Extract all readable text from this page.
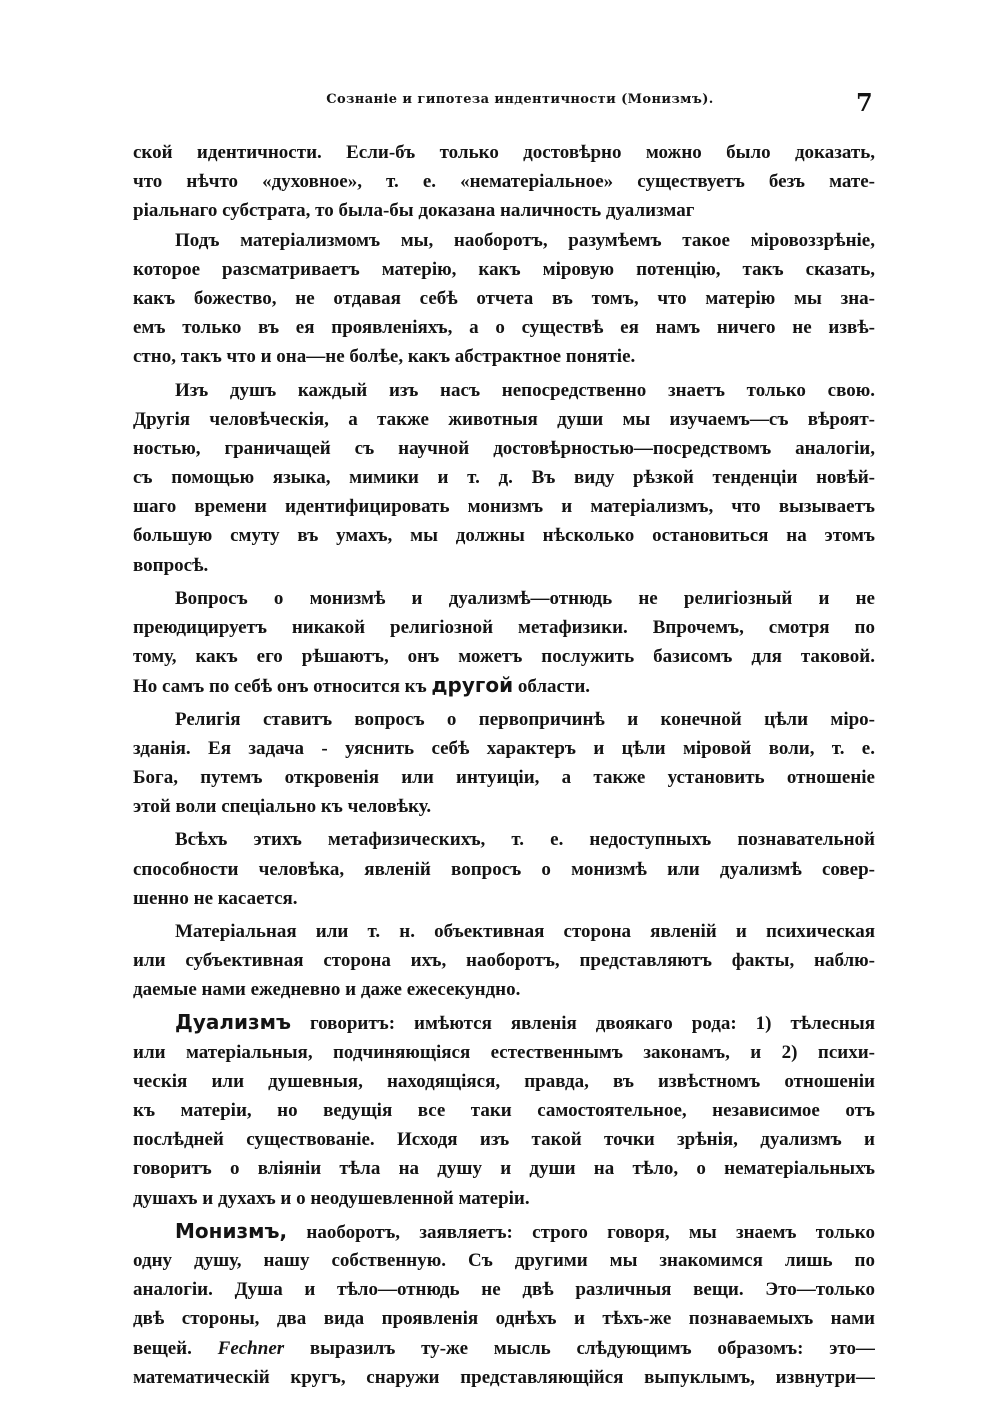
Сознаніе и гипотеза индентичности (Монизмъ).	7
ской идентичности. Если-бъ только достовѣрно можно было доказать,
что нѣчто «духовное», т. е. «нематеріальное» существуетъ безъ мате-
ріальнаго субстрата, то была-бы доказана наличность дуализмаг
Подъ матеріализмомъ мы, наоборотъ, разумѣемъ такое міровоззрѣніе,
которое разсматриваетъ матерію, какъ міровую потенцію, такъ сказать,
какъ божество, не отдавая себѣ отчета въ томъ, что матерію мы зна-
емъ только въ ея проявленіяхъ, а о существѣ ея намъ ничего не извѣ-
стно, такъ что и она—не болѣе, какъ абстрактное понятіе.
Изъ душъ каждый изъ насъ непосредственно знаетъ только свою.
Другія человѣческія, а также животныя души мы изучаемъ—съ вѣроят-
ностью, граничащей съ научной достовѣрностью—посредствомъ аналогіи,
съ помощью языка, мимики и т. д. Въ виду рѣзкой тенденціи новѣй-
шаго времени идентифицировать монизмъ и матеріализмъ, что вызываетъ
большую смуту въ умахъ, мы должны нѣсколько остановиться на этомъ
вопросѣ.
Вопросъ о монизмѣ и дуализмѣ—отнюдь не религіозный и не
преюдицируетъ никакой религіозной метафизики. Впрочемъ, смотря по
тому, какъ его рѣшаютъ, онъ можетъ послужить базисомъ для таковой.
Но самъ по себѣ онъ относится къ другой области.
Религія ставитъ вопросъ о первопричинѣ и конечной цѣли міро-
зданія. Ея задача - уяснить себѣ характеръ и цѣли міровой воли, т. е.
Бога, путемъ откровенія или интуиціи, а также установить отношеніе
этой воли спеціально къ человѣку.
Всѣхъ этихъ метафизическихъ, т. е. недоступныхъ познавательной
способности человѣка, явленій вопросъ о монизмѣ или дуализмѣ совер-
шенно не касается.
Матеріальная или т. н. объективная сторона явленій и психическая
или субъективная сторона ихъ, наоборотъ, представляютъ факты, наблю-
даемые нами ежедневно и даже ежесекундно.
Дуализмъ говоритъ: имѣются явленія двоякаго рода: 1) тѣлесныя
или матеріальныя, подчиняющіяся естественнымъ законамъ, и 2) психи-
ческія или душевныя, находящіяся, правда, въ извѣстномъ отношеніи
къ матеріи, но ведущія все таки самостоятельное, независимое отъ
послѣдней существованіе. Исходя изъ такой точки зрѣнія, дуализмъ и
говоритъ о вліяніи тѣла на душу и души на тѣло, о нематеріальныхъ
душахъ и духахъ и о неодушевленной матеріи.
Монизмъ, наоборотъ, заявляетъ: строго говоря, мы знаемъ только
одну душу, нашу собственную. Съ другими мы знакомимся лишь по
аналогіи. Душа и тѣло—отнюдь не двѣ различныя вещи. Это—только
двѣ стороны, два вида проявленія однѣхъ и тѣхъ-же познаваемыхъ нами
вещей. Fechner выразилъ ту-же мысль слѣдующимъ образомъ: это—
математическій кругъ, снаружи представляющійся выпуклымъ, извнутри—
